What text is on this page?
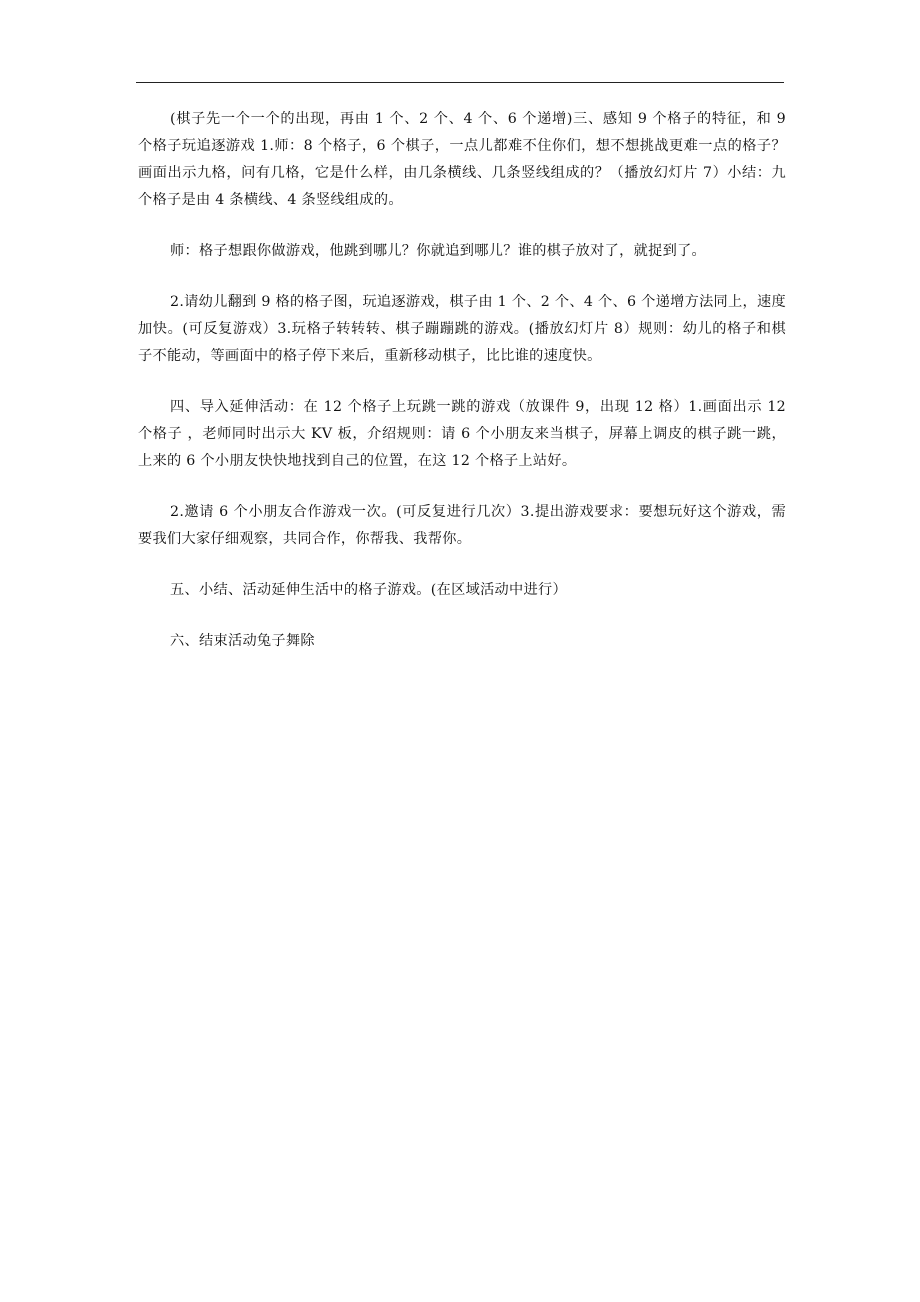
(棋子先一个一个的出现，再由 1 个、2 个、4 个、6 个递增)三、感知 9 个格子的特征，和 9 个格子玩追逐游戏 1.师：8 个格子，6 个棋子，一点儿都难不住你们，想不想挑战更难一点的格子？画面出示九格，问有几格，它是什么样，由几条横线、几条竖线组成的？（播放幻灯片 7）小结：九个格子是由 4 条横线、4 条竖线组成的。

师：格子想跟你做游戏，他跳到哪儿？你就追到哪儿？谁的棋子放对了，就捉到了。

2.请幼儿翻到 9 格的格子图，玩追逐游戏，棋子由 1 个、2 个、4 个、6 个递增方法同上，速度加快。(可反复游戏）3.玩格子转转转、棋子蹦蹦跳的游戏。(播放幻灯片 8）规则：幼儿的格子和棋子不能动，等画面中的格子停下来后，重新移动棋子，比比谁的速度快。

四、导入延伸活动：在 12 个格子上玩跳一跳的游戏（放课件 9，出现 12 格）1.画面出示 12 个格子 ，老师同时出示大 KV 板，介绍规则：请 6 个小朋友来当棋子，屏幕上调皮的棋子跳一跳，上来的 6 个小朋友快快地找到自己的位置，在这 12 个格子上站好。

2.邀请 6 个小朋友合作游戏一次。(可反复进行几次）3.提出游戏要求：要想玩好这个游戏，需要我们大家仔细观察，共同合作，你帮我、我帮你。

五、小结、活动延伸生活中的格子游戏。(在区域活动中进行）

六、结束活动兔子舞除
